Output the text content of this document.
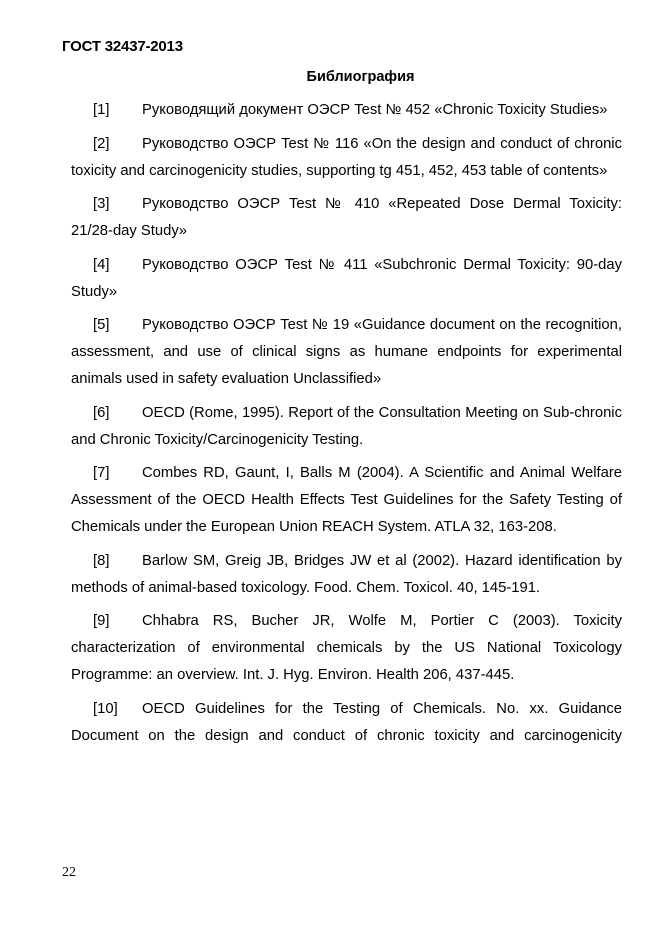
ГОСТ 32437-2013
Библиография

[1] Руководящий документ ОЭСР Test № 452 «Chronic Toxicity Studies»

[2] Руководство ОЭСР Test № 116 «On the design and conduct of chronic toxicity and carcinogenicity studies, supporting tg 451, 452, 453 table of contents»

[3] Руководство ОЭСР Test № 410 «Repeated Dose Dermal Toxicity: 21/28-day Study»

[4] Руководство ОЭСР Test № 411 «Subchronic Dermal Toxicity: 90-day Study»

[5] Руководство ОЭСР Test № 19 «Guidance document on the recognition, assessment, and use of clinical signs as humane endpoints for experimental animals used in safety evaluation Unclassified»

[6] OECD (Rome, 1995). Report of the Consultation Meeting on Sub-chronic and Chronic Toxicity/Carcinogenicity Testing.

[7] Combes RD, Gaunt, I, Balls M (2004). A Scientific and Animal Welfare Assessment of the OECD Health Effects Test Guidelines for the Safety Testing of Chemicals under the European Union REACH System. ATLA 32, 163-208.

[8] Barlow SM, Greig JB, Bridges JW et al (2002). Hazard identification by methods of animal-based toxicology. Food. Chem. Toxicol. 40, 145-191.

[9] Chhabra RS, Bucher JR, Wolfe M, Portier C (2003). Toxicity characterization of environmental chemicals by the US National Toxicology Programme: an overview. Int. J. Hyg. Environ. Health 206, 437-445.

[10] OECD Guidelines for the Testing of Chemicals. No. xx. Guidance Document on the design and conduct of chronic toxicity and carcinogenicity

22
